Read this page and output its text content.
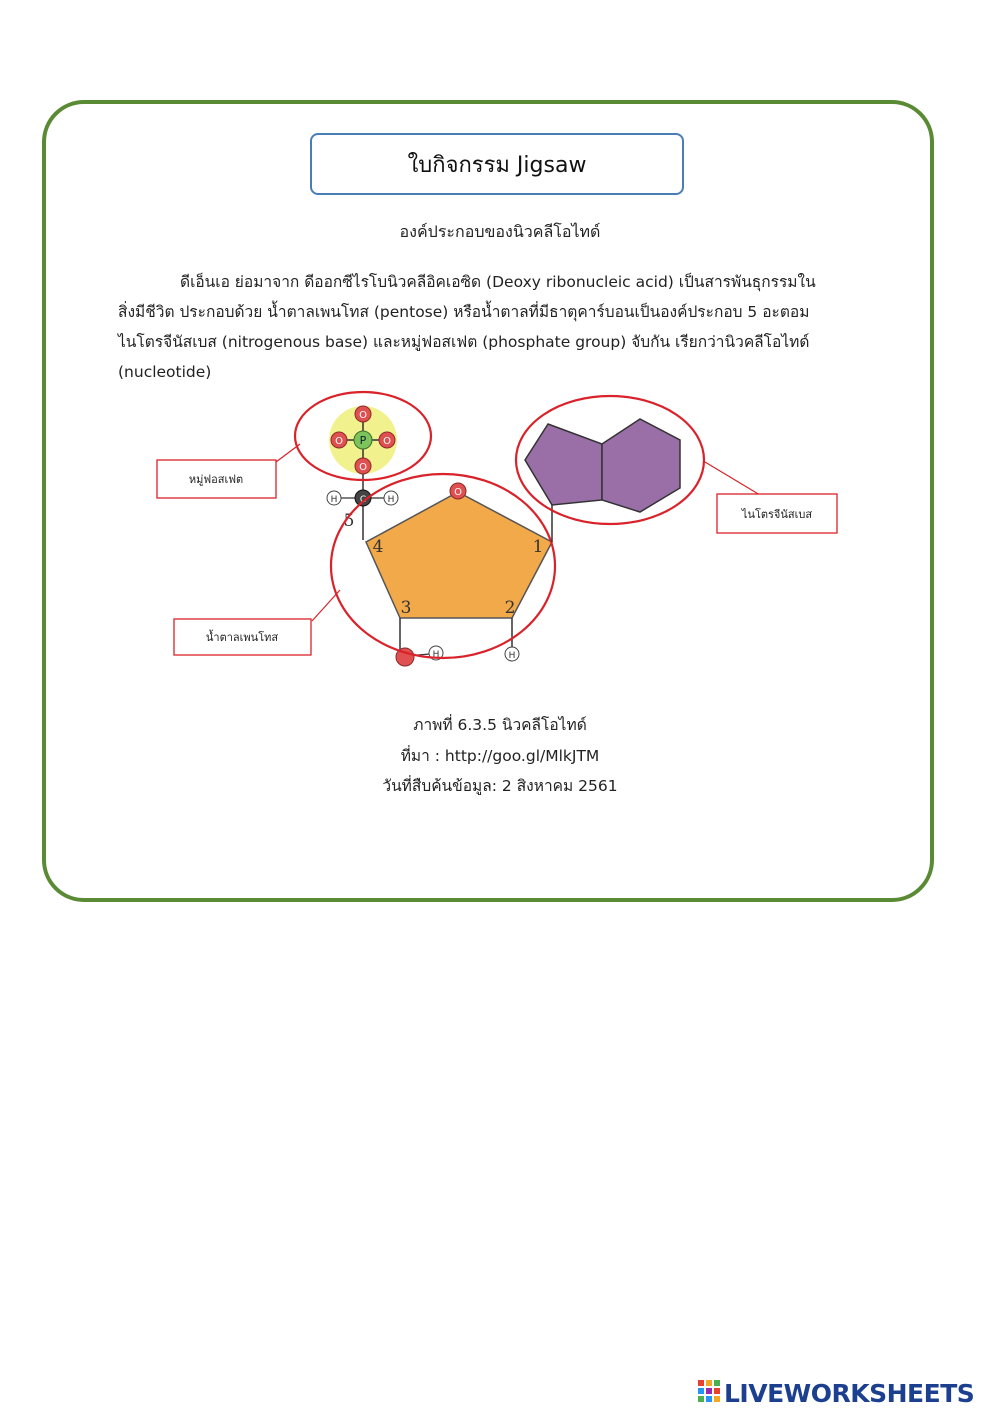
ใบกิจกรรม Jigsaw
องค์ประกอบของนิวคลีโอไทด์
ดีเอ็นเอ ย่อมาจาก ดีออกซีไรโบนิวคลีอิคเอซิด (Deoxy ribonucleic acid) เป็นสารพันธุกรรมใน
สิ่งมีชีวิต ประกอบด้วย น้ำตาลเพนโทส (pentose) หรือน้ำตาลที่มีธาตุคาร์บอนเป็นองค์ประกอบ 5 อะตอม
ไนโตรจีนัสเบส (nitrogenous base) และหมู่ฟอสเฟต (phosphate group) จับกัน เรียกว่านิวคลีโอไทด์
(nucleotide)
O
O	O
O
P
H	H
C
5
O
4	1
3	2
H	H
หมู่ฟอสเฟต
ไนโตรจีนัสเบส
น้ำตาลเพนโทส
ภาพที่ 6.3.5 นิวคลีโอไทด์
ที่มา : http://goo.gl/MlkJTM
วันที่สืบค้นข้อมูล: 2 สิงหาคม 2561
LIVEWORKSHEETS
